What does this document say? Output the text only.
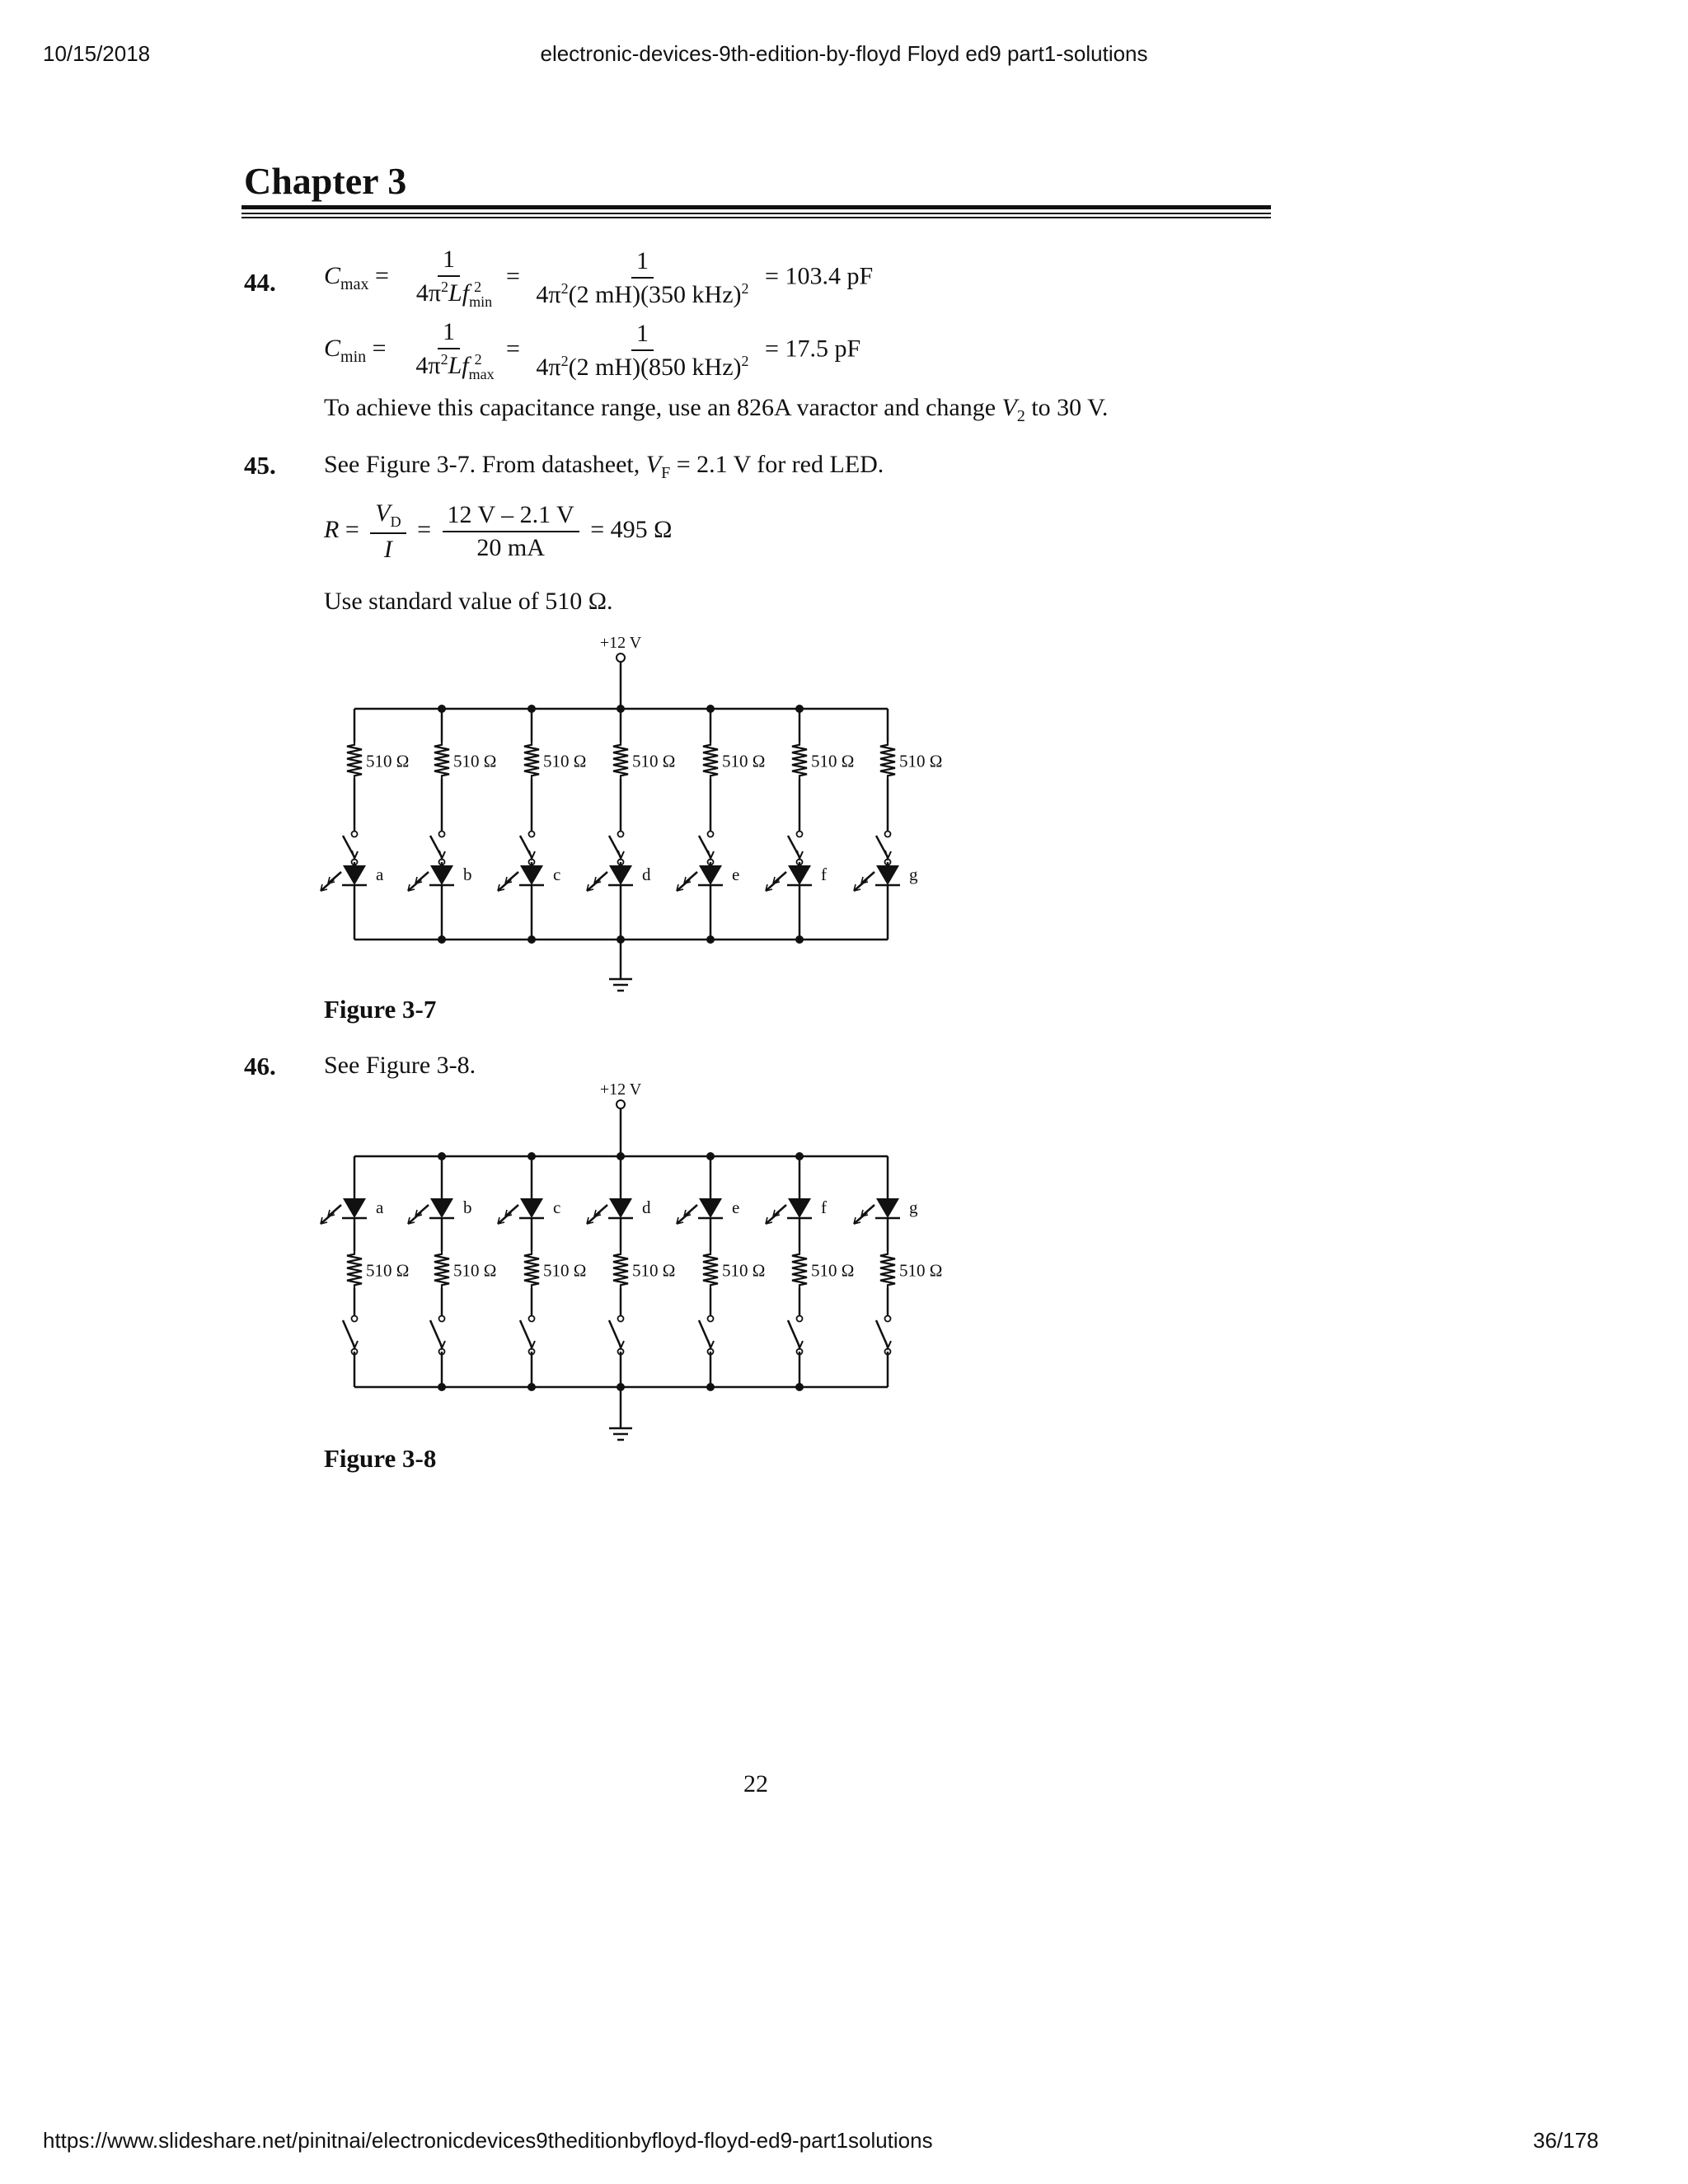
10/15/2018	electronic-devices-9th-edition-by-floyd Floyd ed9 part1-solutions
Chapter 3
44. $C_{max} = \frac{1}{4\pi^2Lf_{min}^2} = \frac{1}{4\pi^2(2 mH)(350 kHz)^2} = 103.4$ pF
$C_{min} = \frac{1}{4\pi^2Lf_{max}^2} = \frac{1}{4\pi^2(2 mH)(850 kHz)^2} = 17.5$ pF
To achieve this capacitance range, use an 826A varactor and change $V_2$ to 30 V.
45. See Figure 3-7. From datasheet, $V_F = 2.1$ V for red LED.
$R = \frac{V_D}{I} = \frac{12 V - 2.1 V}{20 mA} = 495$ Ω
Use standard value of 510 Ω.
+12 V
510 Ω
a
510 Ω
b
510 Ω
c
510 Ω
d
510 Ω
e
510 Ω
f
510 Ω
g
Figure 3-7
46. See Figure 3-8.
+12 V
a
510 Ω
b
510 Ω
c
510 Ω
d
510 Ω
e
510 Ω
f
510 Ω
g
510 Ω
Figure 3-8
22
https://www.slideshare.net/pinitnai/electronicdevices9theditionbyfloyd-floyd-ed9-part1solutions	36/178
